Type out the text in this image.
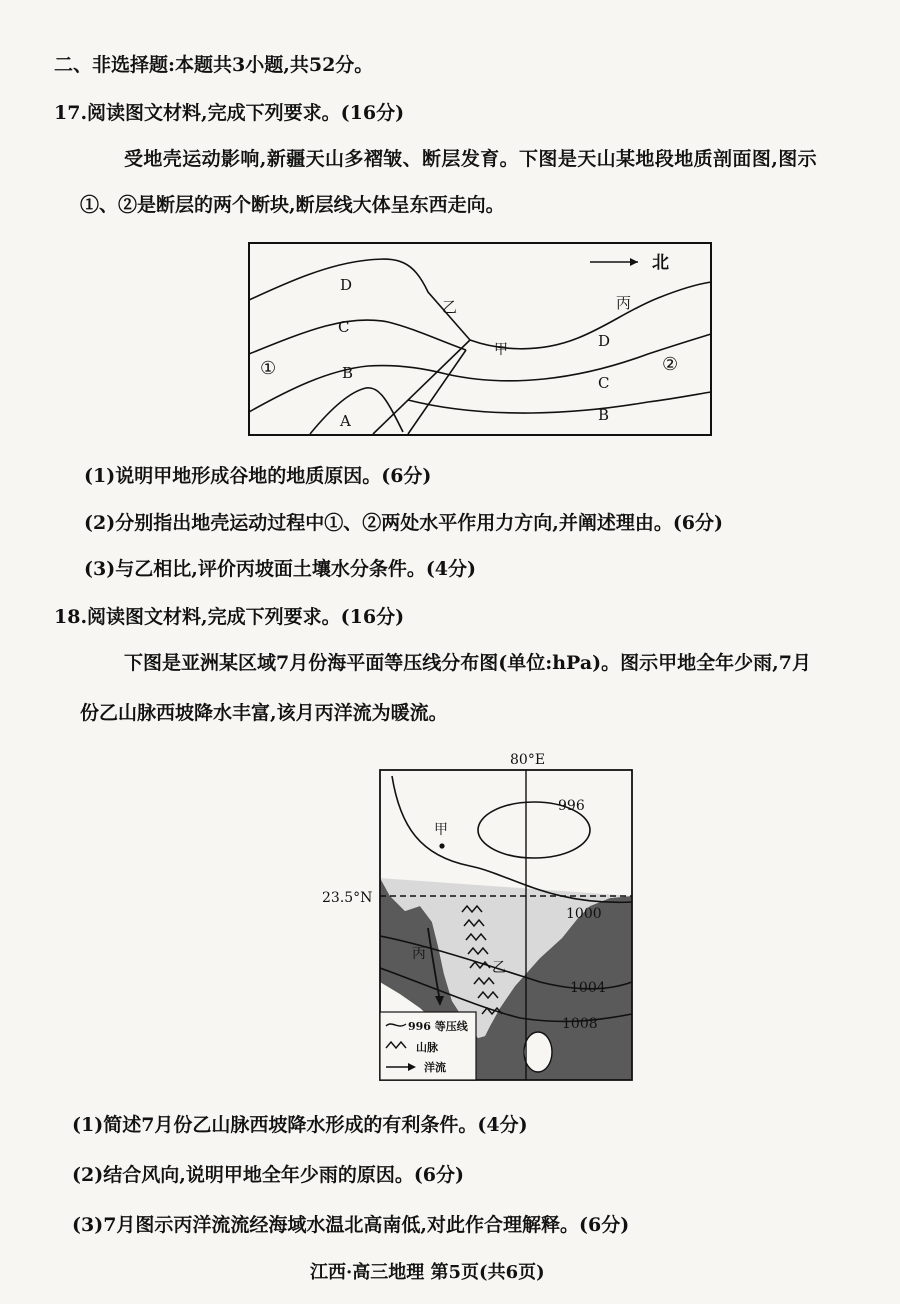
二、非选择题:本题共3小题,共52分。
17.阅读图文材料,完成下列要求。(16分)
受地壳运动影响,新疆天山多褶皱、断层发育。下图是天山某地段地质剖面图,图示
①、②是断层的两个断块,断层线大体呈东西走向。
北
①	②
D
C
B
A
乙
甲
丙
D
C
B
(1)说明甲地形成谷地的地质原因。(6分)
(2)分别指出地壳运动过程中①、②两处水平作用力方向,并阐述理由。(6分)
(3)与乙相比,评价丙坡面土壤水分条件。(4分)
18.阅读图文材料,完成下列要求。(16分)
下图是亚洲某区域7月份海平面等压线分布图(单位:hPa)。图示甲地全年少雨,7月
份乙山脉西坡降水丰富,该月丙洋流为暖流。
996 等压线
山脉
洋流
80°E
23.5°N
996
1000
1004
1008
甲
乙
丙
(1)简述7月份乙山脉西坡降水形成的有利条件。(4分)
(2)结合风向,说明甲地全年少雨的原因。(6分)
(3)7月图示丙洋流流经海域水温北高南低,对此作合理解释。(6分)
江西·高三地理 第5页(共6页)
